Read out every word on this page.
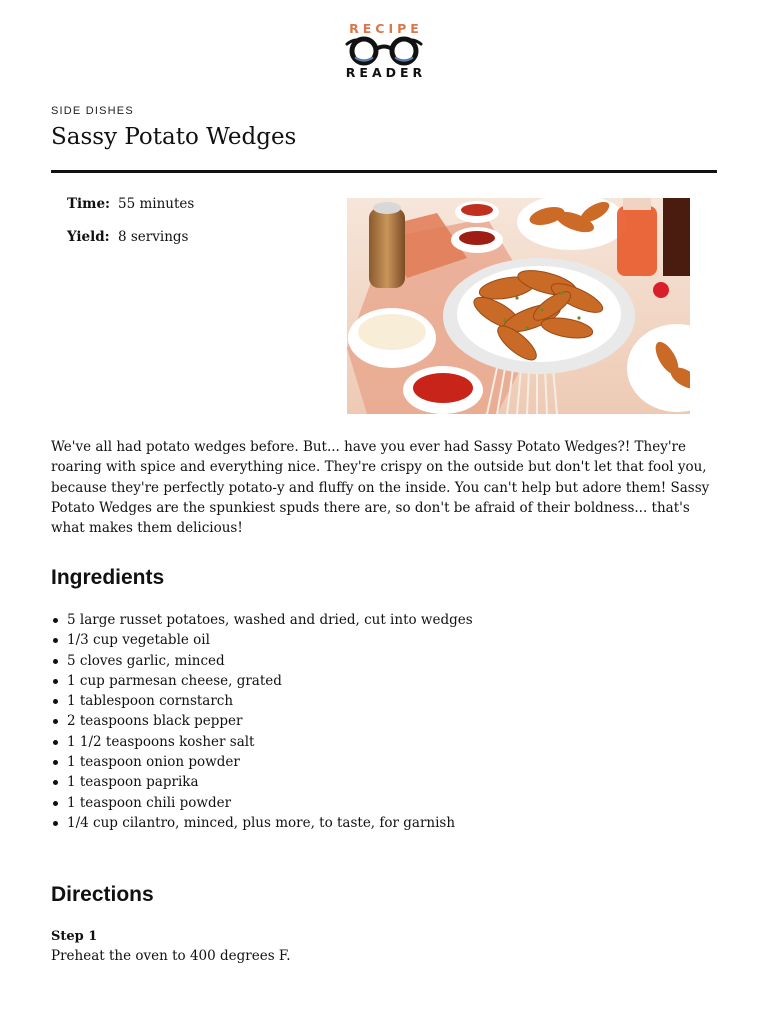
RECIPE
READER
SIDE DISHES
Sassy Potato Wedges
Time: 55 minutes
Yield: 8 servings

We've all had potato wedges before. But... have you ever had Sassy Potato Wedges?! They're roaring with spice and everything nice. They're crispy on the outside but don't let that fool you, because they're perfectly potato-y and fluffy on the inside. You can't help but adore them! Sassy Potato Wedges are the spunkiest spuds there are, so don't be afraid of their boldness... that's what makes them delicious!

Ingredients
5 large russet potatoes, washed and dried, cut into wedges
1/3 cup vegetable oil
5 cloves garlic, minced
1 cup parmesan cheese, grated
1 tablespoon cornstarch
2 teaspoons black pepper
1 1/2 teaspoons kosher salt
1 teaspoon onion powder
1 teaspoon paprika
1 teaspoon chili powder
1/4 cup cilantro, minced, plus more, to taste, for garnish
Directions
Step 1
Preheat the oven to 400 degrees F.
